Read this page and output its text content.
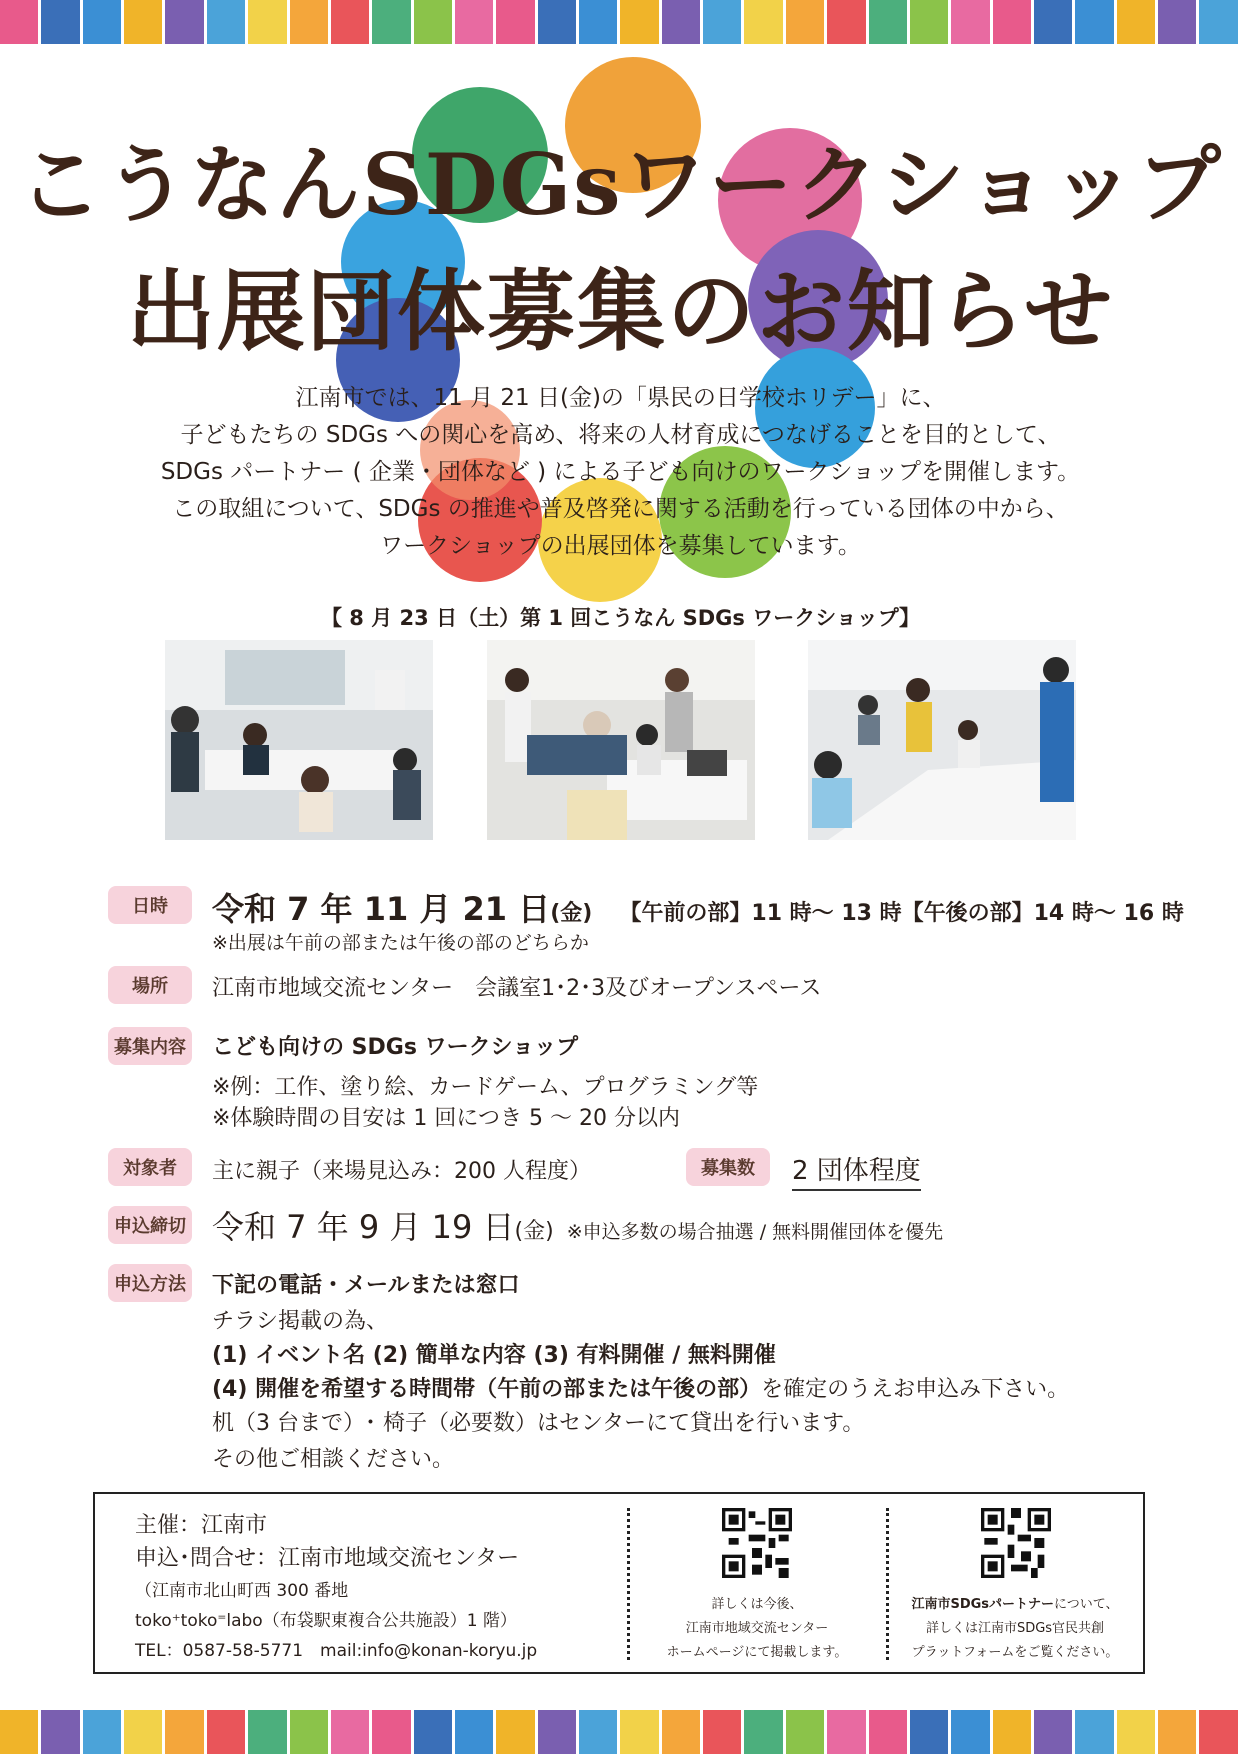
こうなんSDGsワークショップ
出展団体募集のお知らせ
江南市では、11 月 21 日(金)の「県民の日学校ホリデー」に、
子どもたちの SDGs への関心を高め、将来の人材育成につなげることを目的として、
SDGs パートナー ( 企業・団体など ) による子ども向けのワークショップを開催します。
この取組について、SDGs の推進や普及啓発に関する活動を行っている団体の中から、
ワークショップの出展団体を募集しています。
【 8 月 23 日（土）第 1 回こうなん SDGs ワークショップ】
日時	令和 7 年 11 月 21 日(金) 【午前の部】11 時～ 13 時【午後の部】14 時～ 16 時
※出展は午前の部または午後の部のどちらか
場所	江南市地域交流センター　会議室1･2･3及びオープンスペース
募集内容 こども向けの SDGs ワークショップ
※例：工作、塗り絵、カードゲーム、プログラミング等
※体験時間の目安は 1 回につき 5 ～ 20 分以内
対象者	主に親子（来場見込み：200 人程度）	募集数	2 団体程度
申込締切 令和 7 年 9 月 19 日(金) ※申込多数の場合抽選 / 無料開催団体を優先
申込方法 下記の電話・メールまたは窓口
チラシ掲載の為、
(1) イベント名 (2) 簡単な内容 (3) 有料開催 / 無料開催
(4) 開催を希望する時間帯（午前の部または午後の部）を確定のうえお申込み下さい。
机（3 台まで）･ 椅子（必要数）はセンターにて貸出を行います。
その他ご相談ください。
主催：江南市
申込･問合せ：江南市地域交流センター
（江南市北山町西 300 番地
toko⁺toko⁼labo（布袋駅東複合公共施設）1 階）
TEL：0587-58-5771　mail:info@konan-koryu.jp
詳しくは今後、
江南市地域交流センター
ホームページにて掲載します。
江南市SDGsパートナーについて、
詳しくは江南市SDGs官民共創
プラットフォームをご覧ください。
